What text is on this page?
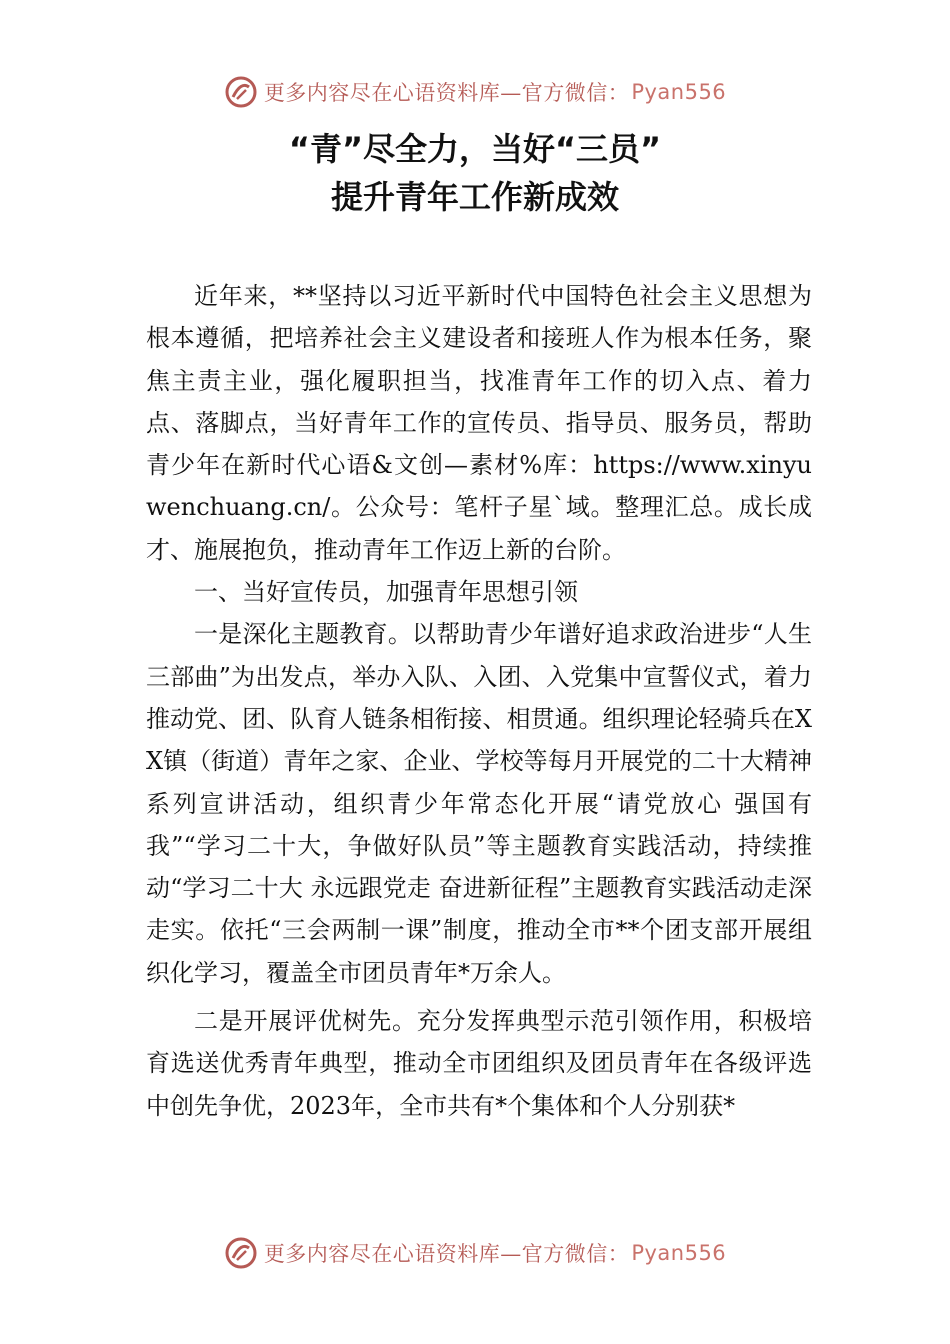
更多内容尽在心语资料库—官方微信： Pyan556
“青”尽全力，当好“三员”
提升青年工作新成效

近年来，**坚持以习近平新时代中国特色社会主义思想为根本遵循，把培养社会主义建设者和接班人作为根本任务，聚焦主责主业，强化履职担当，找准青年工作的切入点、着力点、落脚点，当好青年工作的宣传员、指导员、服务员，帮助青少年在新时代心语&文创—素材%库：https://www.xinyuwenchuang.cn/。公众号：笔杆子星`域。整理汇总。成长成才、施展抱负，推动青年工作迈上新的台阶。

一、当好宣传员，加强青年思想引领

一是深化主题教育。以帮助青少年谱好追求政治进步“人生三部曲”为出发点，举办入队、入团、入党集中宣誓仪式，着力推动党、团、队育人链条相衔接、相贯通。组织理论轻骑兵在XX镇（街道）青年之家、企业、学校等每月开展党的二十大精神系列宣讲活动，组织青少年常态化开展“请党放心 强国有我”“学习二十大，争做好队员”等主题教育实践活动，持续推动“学习二十大 永远跟党走 奋进新征程”主题教育实践活动走深走实。依托“三会两制一课”制度，推动全市**个团支部开展组织化学习，覆盖全市团员青年*万余人。

二是开展评优树先。充分发挥典型示范引领作用，积极培育选送优秀青年典型，推动全市团组织及团员青年在各级评选中创先争优，2023年，全市共有*个集体和个人分别获*

更多内容尽在心语资料库—官方微信： Pyan556
